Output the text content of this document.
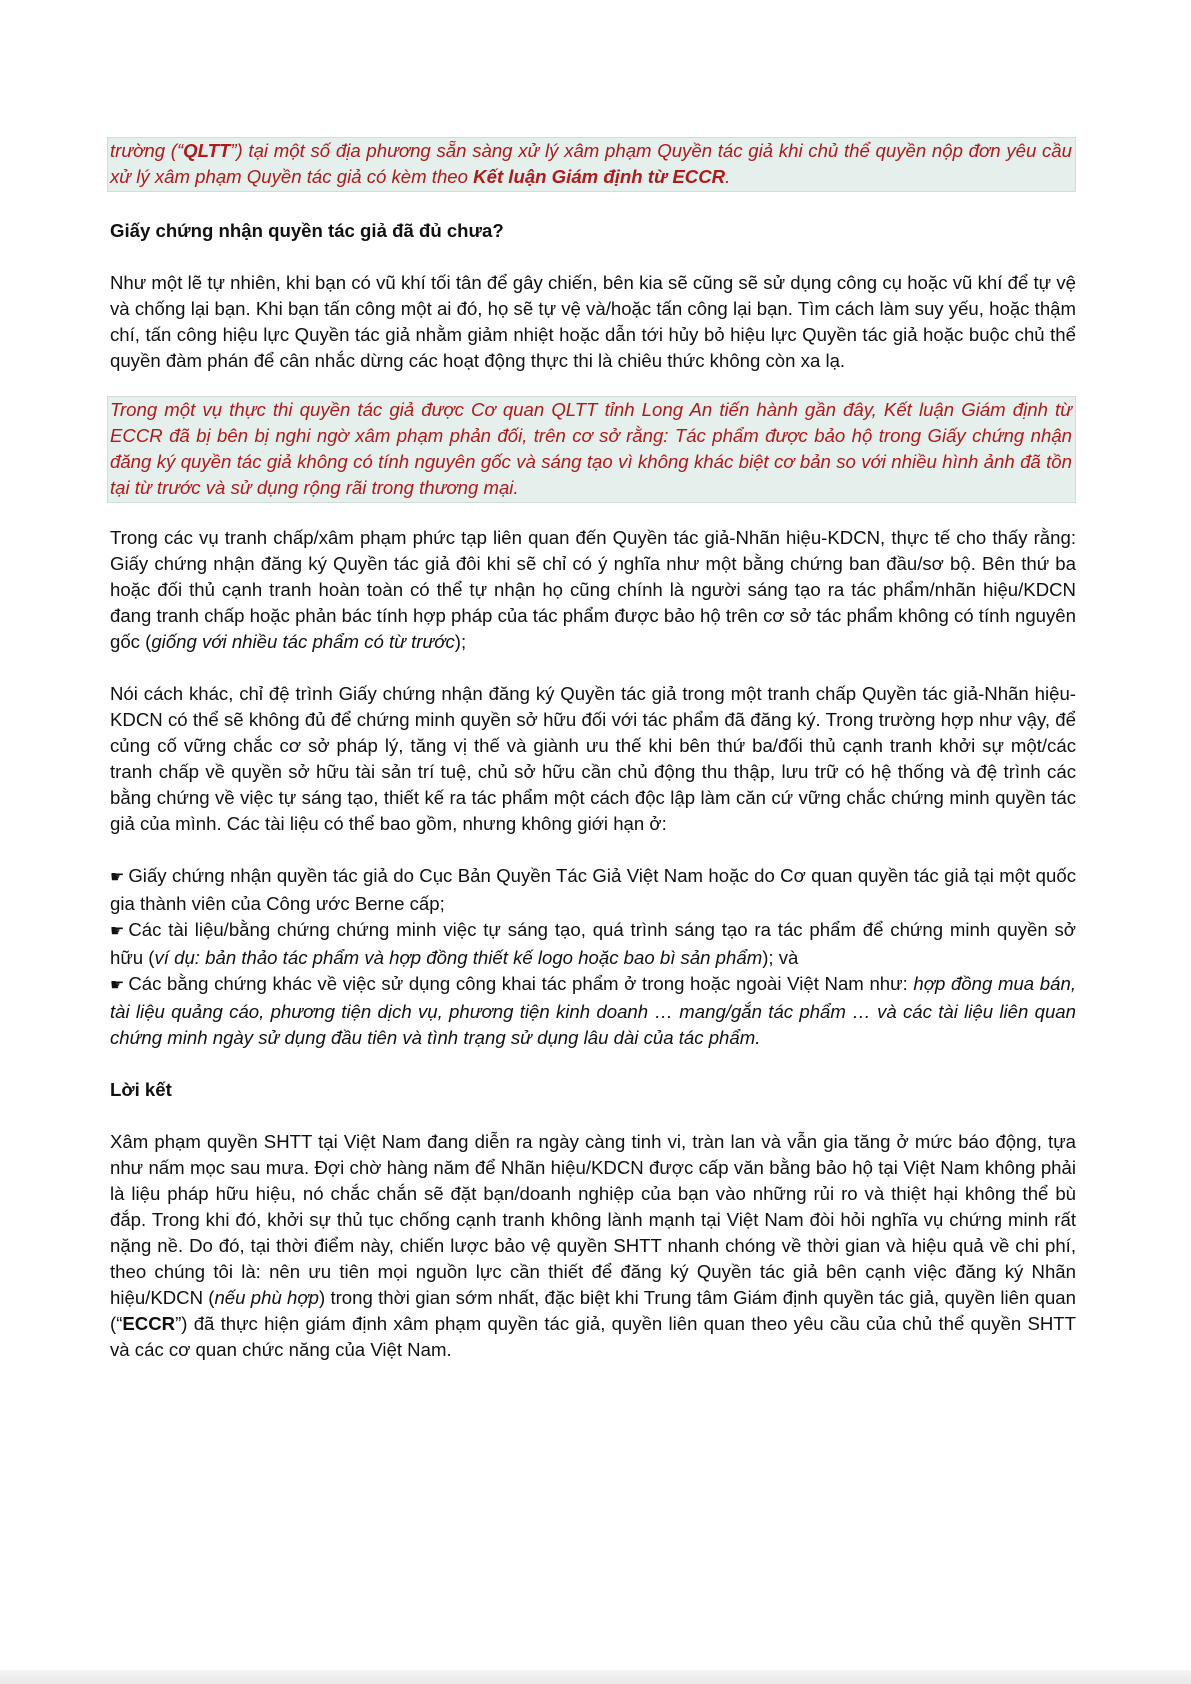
trường (“QLTT”) tại một số địa phương sẵn sàng xử lý xâm phạm Quyền tác giả khi chủ thể quyền nộp đơn yêu cầu xử lý xâm phạm Quyền tác giả có kèm theo Kết luận Giám định từ ECCR.

Giấy chứng nhận quyền tác giả đã đủ chưa?

Như một lẽ tự nhiên, khi bạn có vũ khí tối tân để gây chiến, bên kia sẽ cũng sẽ sử dụng công cụ hoặc vũ khí để tự vệ và chống lại bạn. Khi bạn tấn công một ai đó, họ sẽ tự vệ và/hoặc tấn công lại bạn. Tìm cách làm suy yếu, hoặc thậm chí, tấn công hiệu lực Quyền tác giả nhằm giảm nhiệt hoặc dẫn tới hủy bỏ hiệu lực Quyền tác giả hoặc buộc chủ thể quyền đàm phán để cân nhắc dừng các hoạt động thực thi là chiêu thức không còn xa lạ.

Trong một vụ thực thi quyền tác giả được Cơ quan QLTT tỉnh Long An tiến hành gần đây, Kết luận Giám định từ ECCR đã bị bên bị nghi ngờ xâm phạm phản đối, trên cơ sở rằng: Tác phẩm được bảo hộ trong Giấy chứng nhận đăng ký quyền tác giả không có tính nguyên gốc và sáng tạo vì không khác biệt cơ bản so với nhiều hình ảnh đã tồn tại từ trước và sử dụng rộng rãi trong thương mại.

Trong các vụ tranh chấp/xâm phạm phức tạp liên quan đến Quyền tác giả-Nhãn hiệu-KDCN, thực tế cho thấy rằng: Giấy chứng nhận đăng ký Quyền tác giả đôi khi sẽ chỉ có ý nghĩa như một bằng chứng ban đầu/sơ bộ. Bên thứ ba hoặc đối thủ cạnh tranh hoàn toàn có thể tự nhận họ cũng chính là người sáng tạo ra tác phẩm/nhãn hiệu/KDCN đang tranh chấp hoặc phản bác tính hợp pháp của tác phẩm được bảo hộ trên cơ sở tác phẩm không có tính nguyên gốc (giống với nhiều tác phẩm có từ trước);

Nói cách khác, chỉ đệ trình Giấy chứng nhận đăng ký Quyền tác giả trong một tranh chấp Quyền tác giả-Nhãn hiệu-KDCN có thể sẽ không đủ để chứng minh quyền sở hữu đối với tác phẩm đã đăng ký. Trong trường hợp như vậy, để củng cố vững chắc cơ sở pháp lý, tăng vị thế và giành ưu thế khi bên thứ ba/đối thủ cạnh tranh khởi sự một/các tranh chấp về quyền sở hữu tài sản trí tuệ, chủ sở hữu cần chủ động thu thập, lưu trữ có hệ thống và đệ trình các bằng chứng về việc tự sáng tạo, thiết kế ra tác phẩm một cách độc lập làm căn cứ vững chắc chứng minh quyền tác giả của mình. Các tài liệu có thể bao gồm, nhưng không giới hạn ở:

☛ Giấy chứng nhận quyền tác giả do Cục Bản Quyền Tác Giả Việt Nam hoặc do Cơ quan quyền tác giả tại một quốc gia thành viên của Công ước Berne cấp;

☛ Các tài liệu/bằng chứng chứng minh việc tự sáng tạo, quá trình sáng tạo ra tác phẩm để chứng minh quyền sở hữu (ví dụ: bản thảo tác phẩm và hợp đồng thiết kế logo hoặc bao bì sản phẩm); và

☛ Các bằng chứng khác về việc sử dụng công khai tác phẩm ở trong hoặc ngoài Việt Nam như: hợp đồng mua bán, tài liệu quảng cáo, phương tiện dịch vụ, phương tiện kinh doanh … mang/gắn tác phẩm … và các tài liệu liên quan chứng minh ngày sử dụng đầu tiên và tình trạng sử dụng lâu dài của tác phẩm.

Lời kết

Xâm phạm quyền SHTT tại Việt Nam đang diễn ra ngày càng tinh vi, tràn lan và vẫn gia tăng ở mức báo động, tựa như nấm mọc sau mưa. Đợi chờ hàng năm để Nhãn hiệu/KDCN được cấp văn bằng bảo hộ tại Việt Nam không phải là liệu pháp hữu hiệu, nó chắc chắn sẽ đặt bạn/doanh nghiệp của bạn vào những rủi ro và thiệt hại không thể bù đắp. Trong khi đó, khởi sự thủ tục chống cạnh tranh không lành mạnh tại Việt Nam đòi hỏi nghĩa vụ chứng minh rất nặng nề. Do đó, tại thời điểm này, chiến lược bảo vệ quyền SHTT nhanh chóng về thời gian và hiệu quả về chi phí, theo chúng tôi là: nên ưu tiên mọi nguồn lực cần thiết để đăng ký Quyền tác giả bên cạnh việc đăng ký Nhãn hiệu/KDCN (nếu phù hợp) trong thời gian sớm nhất, đặc biệt khi Trung tâm Giám định quyền tác giả, quyền liên quan (“ECCR”) đã thực hiện giám định xâm phạm quyền tác giả, quyền liên quan theo yêu cầu của chủ thể quyền SHTT và các cơ quan chức năng của Việt Nam.
